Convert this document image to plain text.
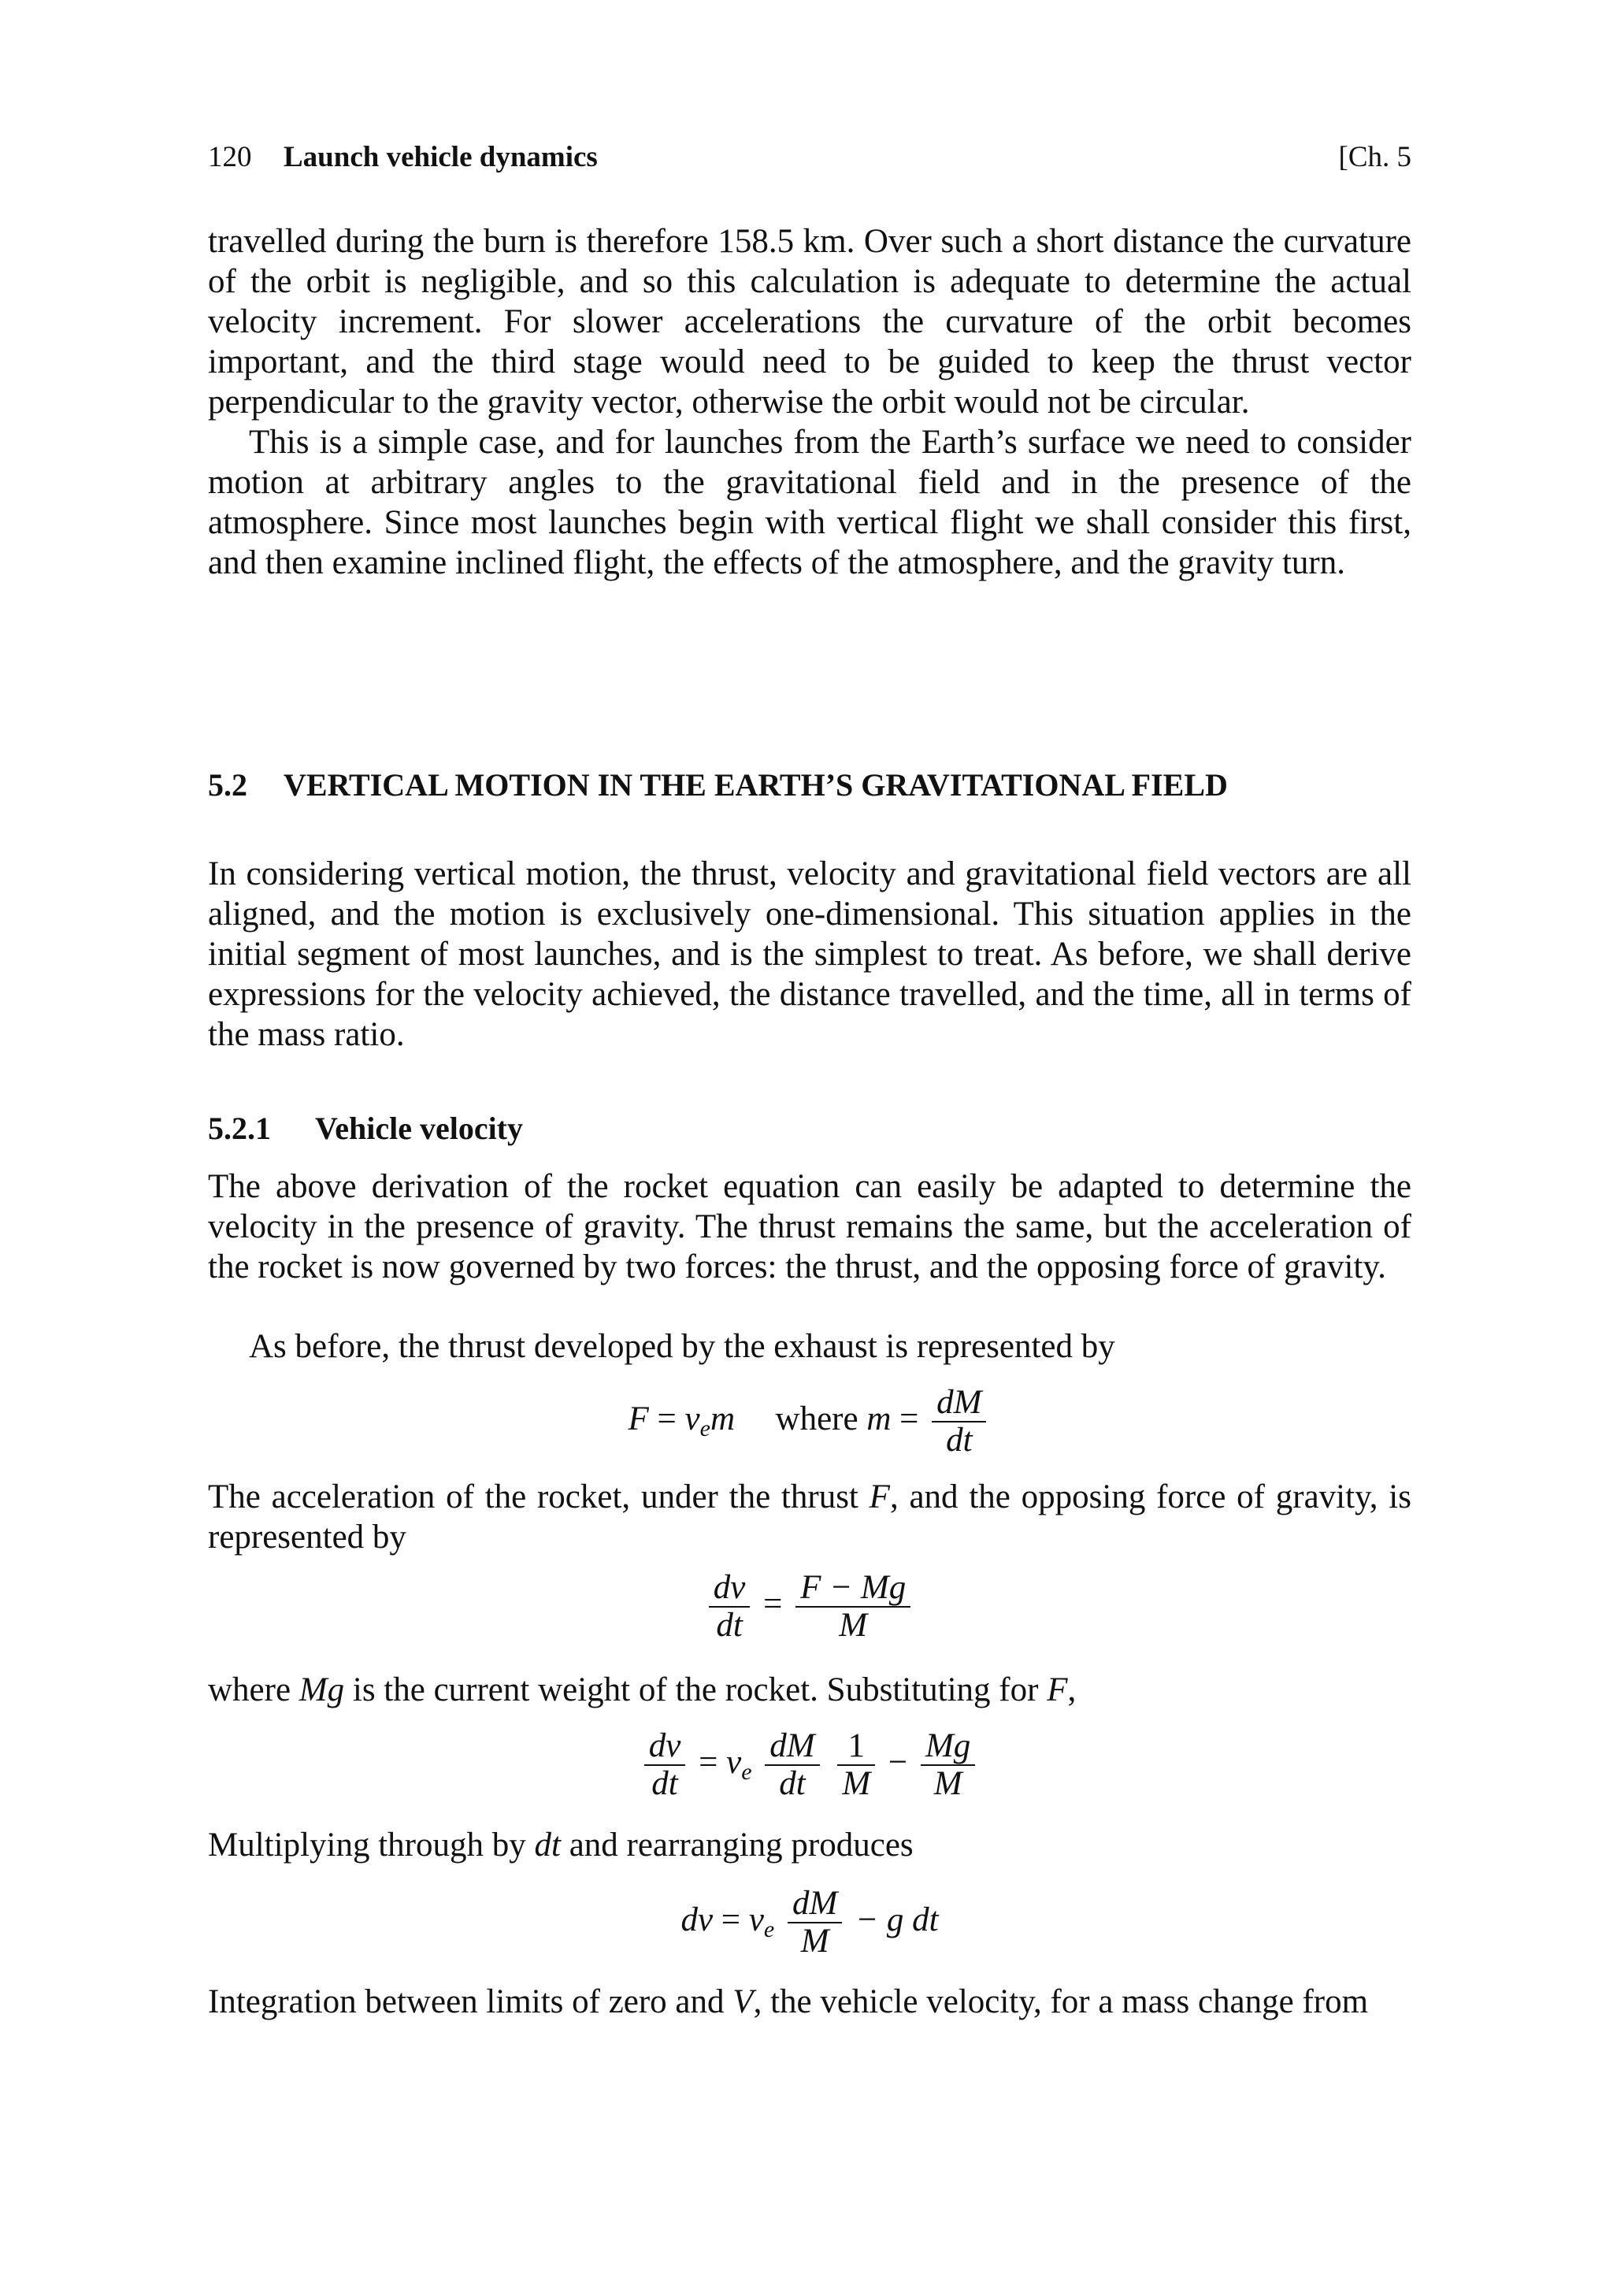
120 Launch vehicle dynamics	[Ch. 5

travelled during the burn is therefore 158.5 km. Over such a short distance the curvature of the orbit is negligible, and so this calculation is adequate to determine the actual velocity increment. For slower accelerations the curvature of the orbit becomes important, and the third stage would need to be guided to keep the thrust vector perpendicular to the gravity vector, otherwise the orbit would not be circular.

This is a simple case, and for launches from the Earth’s surface we need to consider motion at arbitrary angles to the gravitational field and in the presence of the atmosphere. Since most launches begin with vertical flight we shall consider this first, and then examine inclined flight, the effects of the atmosphere, and the gravity turn.

5.2 VERTICAL MOTION IN THE EARTH’S GRAVITATIONAL FIELD

In considering vertical motion, the thrust, velocity and gravitational field vectors are all aligned, and the motion is exclusively one-dimensional. This situation applies in the initial segment of most launches, and is the simplest to treat. As before, we shall derive expressions for the velocity achieved, the distance travelled, and the time, all in terms of the mass ratio.

5.2.1 Vehicle velocity

The above derivation of the rocket equation can easily be adapted to determine the velocity in the presence of gravity. The thrust remains the same, but the acceleration of the rocket is now governed by two forces: the thrust, and the opposing force of gravity.

As before, the thrust developed by the exhaust is represented by

$F = v_em$ where $m = \frac{dM}{dt}$

The acceleration of the rocket, under the thrust F, and the opposing force of gravity, is represented by

$\frac{dv}{dt} = \frac{F - Mg}{M}$

where Mg is the current weight of the rocket. Substituting for F,

$\frac{dv}{dt} = v_e \frac{dM}{dt}$
$\frac{1}{M} - \frac{Mg}{M}$

Multiplying through by dt and rearranging produces

dv = $v_e \frac{dM}{M} - g$ dt

Integration between limits of zero and V, the vehicle velocity, for a mass change from
